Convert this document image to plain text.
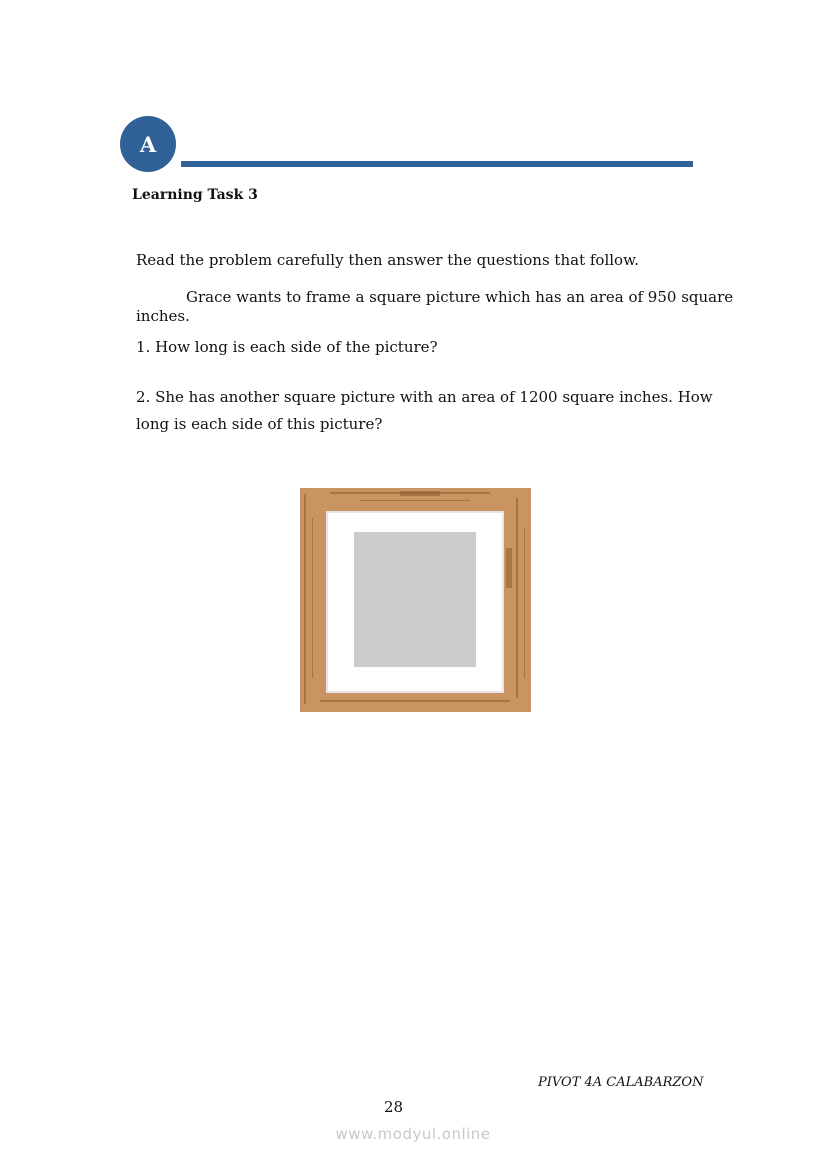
A
Learning Task 3

Read the problem carefully then answer the questions that follow.

Grace wants to frame a square picture which has an area of 950 square inches.

1. How long is each side of the picture?

2. She has another square picture with an area of 1200 square inches. How long is each side of this picture?

PIVOT 4A CALABARZON
28
www.modyul.online
